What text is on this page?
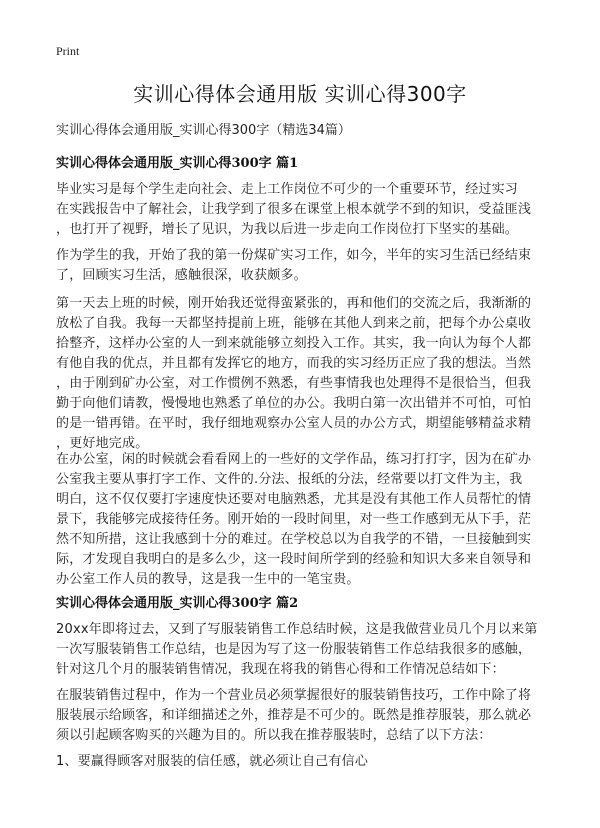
Print
实训心得体会通用版 实训心得300字

实训心得体会通用版_实训心得300字（精选34篇）

实训心得体会通用版_实训心得300字 篇1

毕业实习是每个学生走向社会、走上工作岗位不可少的一个重要环节，经过实习
在实践报告中了解社会，让我学到了很多在课堂上根本就学不到的知识，受益匪浅
，也打开了视野，增长了见识，为我以后进一步走向工作岗位打下坚实的基础。

作为学生的我，开始了我的第一份煤矿实习工作，如今，半年的实习生活已经结束
了，回顾实习生活，感触很深，收获颇多。

第一天去上班的时候，刚开始我还觉得蛮紧张的，再和他们的交流之后，我渐渐的
放松了自我。我每一天都坚持提前上班，能够在其他人到来之前，把每个办公桌收
拾整齐，这样办公室的人一到来就能够立刻投入工作。其实，我一向认为每个人都
有他自我的优点，并且都有发挥它的地方，而我的实习经历正应了我的想法。当然
，由于刚到矿办公室，对工作惯例不熟悉，有些事情我也处理得不是很恰当，但我
勤于向他们请教，慢慢地也熟悉了单位的办公。我明白第一次出错并不可怕，可怕
的是一错再错。在平时，我仔细地观察办公室人员的办公方式，期望能够精益求精
，更好地完成。

在办公室，闲的时候就会看看网上的一些好的文学作品，练习打打字，因为在矿办
公室我主要从事打字工作、文件的.分法、报纸的分法，经常要以打文件为主，我
明白，这不仅仅要打字速度快还要对电脑熟悉，尤其是没有其他工作人员帮忙的情
景下，我能够完成接待任务。刚开始的一段时间里，对一些工作感到无从下手，茫
然不知所措，这让我感到十分的难过。在学校总以为自我学的不错，一旦接触到实
际，才发现自我明白的是多么少，这一段时间所学到的经验和知识大多来自领导和
办公室工作人员的教导，这是我一生中的一笔宝贵。

实训心得体会通用版_实训心得300字 篇2

20xx年即将过去，又到了写服装销售工作总结时候，这是我做营业员几个月以来第
一次写服装销售工作总结，也是因为写了这一份服装销售工作总结我很多的感触，
针对这几个月的服装销售情况，我现在将我的销售心得和工作情况总结如下：

在服装销售过程中，作为一个营业员必须掌握很好的服装销售技巧，工作中除了将
服装展示给顾客，和详细描述之外，推荐是不可少的。既然是推荐服装，那么就必
须以引起顾客购买的兴趣为目的。所以我在推荐服装时，总结了以下方法：

1、要赢得顾客对服装的信任感，就必须让自己有信心
